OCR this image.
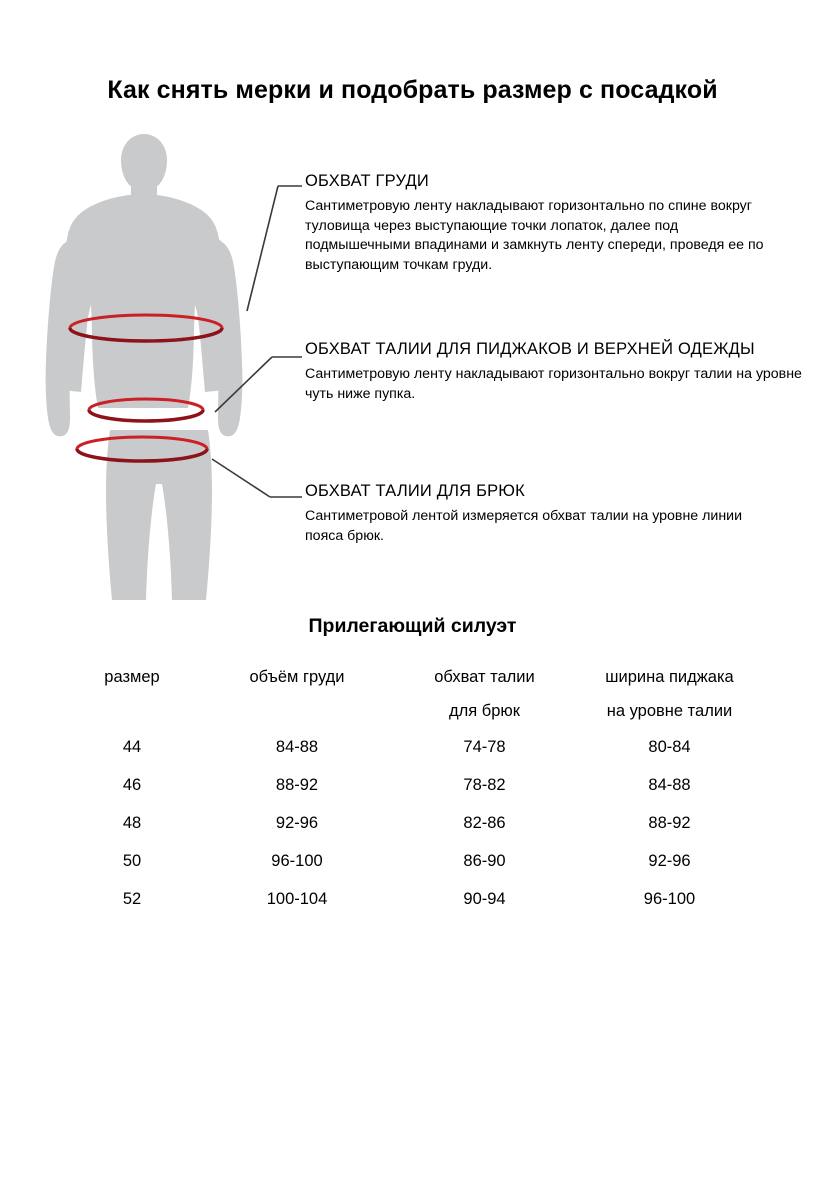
Как снять мерки и подобрать размер с посадкой
ОБХВАТ ГРУДИ
Сантиметровую ленту накладывают горизонтально по спине вокруг туловища через выступающие точки лопаток, далее под подмышечными впадинами и замкнуть ленту спереди, проведя ее по выступающим точкам груди.
ОБХВАТ ТАЛИИ ДЛЯ ПИДЖАКОВ И ВЕРХНЕЙ ОДЕЖДЫ
Сантиметровую ленту накладывают горизонтально вокруг талии на уровне чуть ниже пупка.
ОБХВАТ ТАЛИИ ДЛЯ БРЮК
Сантиметровой лентой измеряется обхват талии на уровне линии пояса брюк.
Прилегающий силуэт
размер	объём груди	обхват талии	ширина пиджака
		для брюк	на уровне талии
44	84-88	74-78	80-84
46	88-92	78-82	84-88
48	92-96	82-86	88-92
50	96-100	86-90	92-96
52	100-104	90-94	96-100
